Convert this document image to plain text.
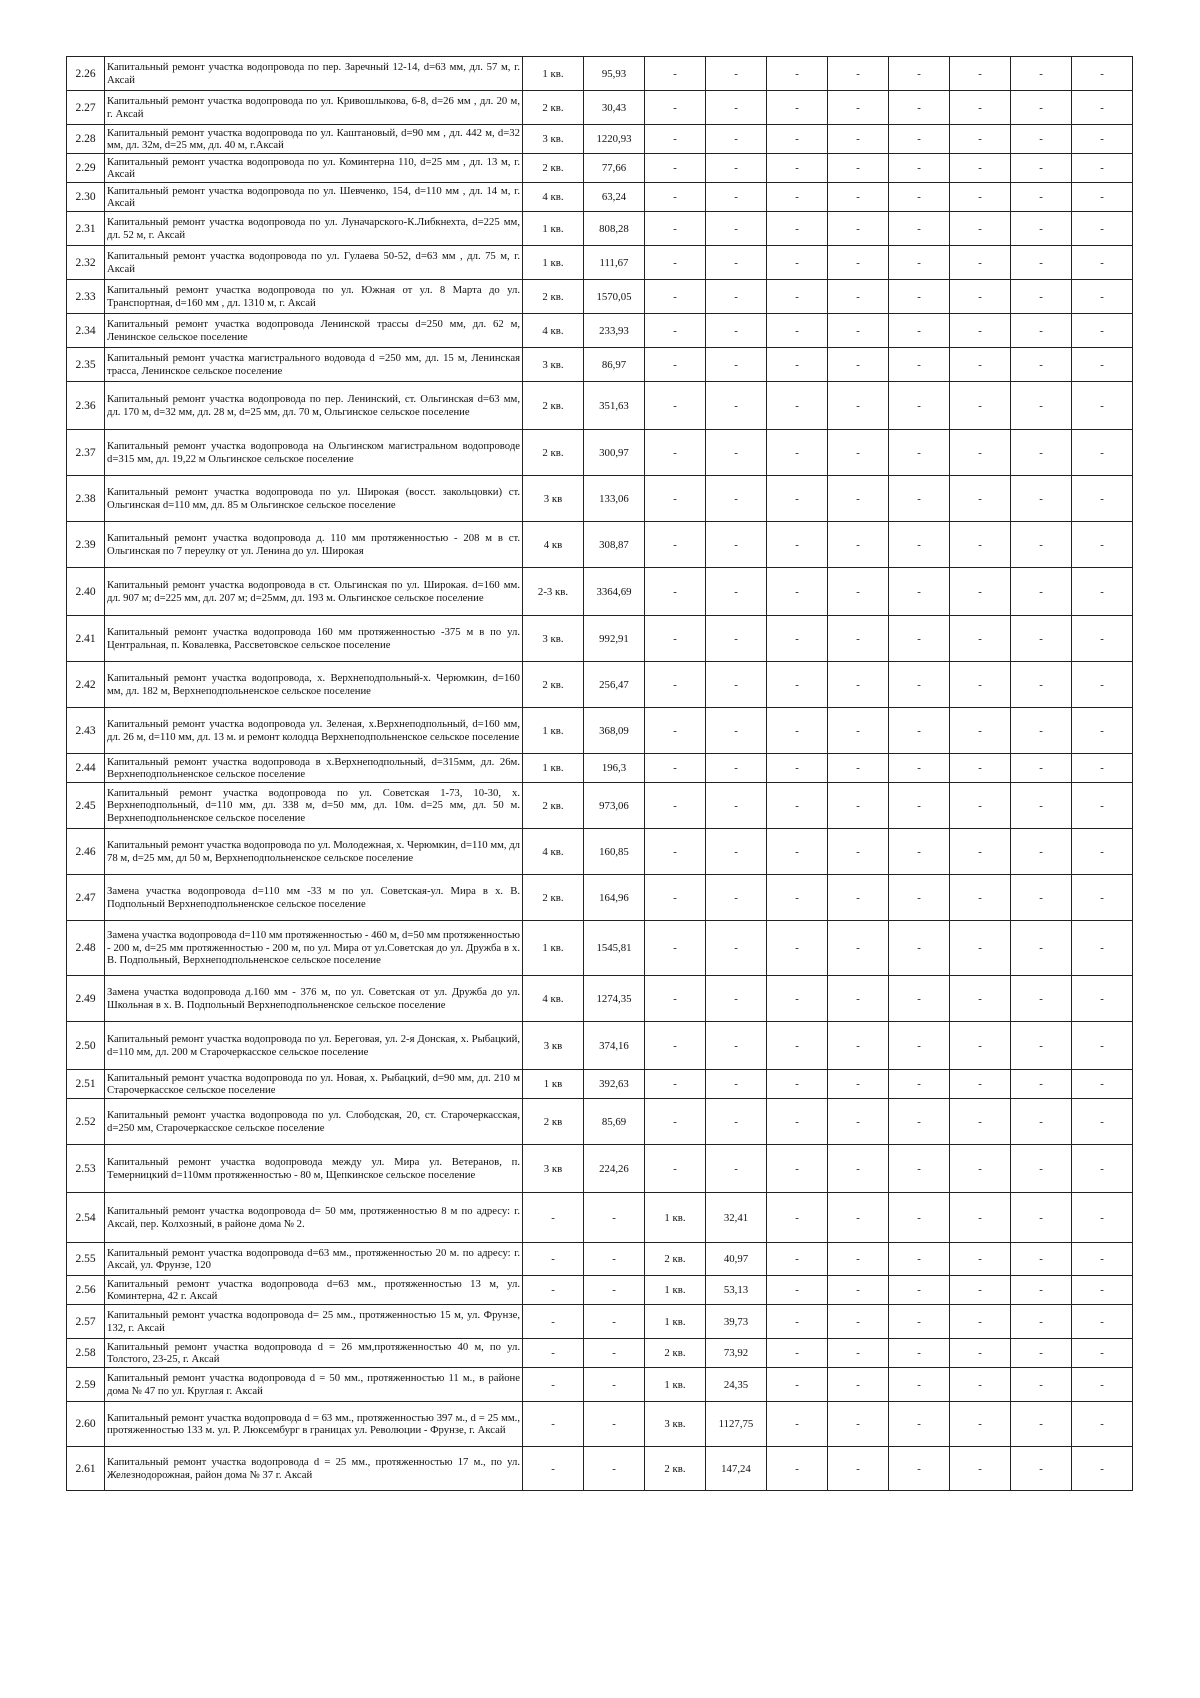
2.26	Капитальный ремонт участка водопровода по пер. Заречный 12-14, d=63 мм, дл. 57 м, г. Аксай	1 кв.	95,93	-	-	-	-	-	-	-	-
2.27	Капитальный ремонт участка водопровода по ул. Кривошлыкова, 6-8, d=26 мм , дл. 20 м, г. Аксай	2 кв.	30,43	-	-	-	-	-	-	-	-
2.28	Капитальный ремонт участка водопровода по ул. Каштановый, d=90 мм , дл. 442 м, d=32 мм, дл. 32м, d=25 мм, дл. 40 м, г.Аксай	3 кв.	1220,93	-	-	-	-	-	-	-	-
2.29	Капитальный ремонт участка водопровода по ул. Коминтерна 110, d=25 мм , дл. 13 м, г. Аксай	2 кв.	77,66	-	-	-	-	-	-	-	-
2.30	Капитальный ремонт участка водопровода по ул. Шевченко, 154, d=110 мм , дл. 14 м, г. Аксай	4 кв.	63,24	-	-	-	-	-	-	-	-
2.31	Капитальный ремонт участка водопровода по ул. Луначарского-К.Либкнехта, d=225 мм, дл. 52 м, г. Аксай	1 кв.	808,28	-	-	-	-	-	-	-	-
2.32	Капитальный ремонт участка водопровода по ул. Гулаева 50-52, d=63 мм , дл. 75 м, г. Аксай	1 кв.	111,67	-	-	-	-	-	-	-	-
2.33	Капитальный ремонт участка водопровода по ул. Южная от ул. 8 Марта до ул. Транспортная, d=160 мм , дл. 1310 м, г. Аксай	2 кв.	1570,05	-	-	-	-	-	-	-	-
2.34	Капитальный ремонт участка водопровода Ленинской трассы d=250 мм, дл. 62 м, Ленинское сельское поселение	4 кв.	233,93	-	-	-	-	-	-	-	-
2.35	Капитальный ремонт участка магистрального водовода d =250 мм, дл. 15 м, Ленинская трасса, Ленинское сельское поселение	3 кв.	86,97	-	-	-	-	-	-	-	-
2.36	Капитальный ремонт участка водопровода по пер. Ленинский, ст. Ольгинская d=63 мм, дл. 170 м, d=32 мм, дл. 28 м, d=25 мм, дл. 70 м, Ольгинское сельское поселение	2 кв.	351,63	-	-	-	-	-	-	-	-
2.37	Капитальный ремонт участка водопровода на Ольгинском магистральном водопроводе d=315 мм, дл. 19,22 м Ольгинское сельское поселение	2 кв.	300,97	-	-	-	-	-	-	-	-
2.38	Капитальный ремонт участка водопровода по ул. Широкая (восст. закольцовки) ст. Ольгинская d=110 мм, дл. 85 м Ольгинское сельское поселение	3 кв	133,06	-	-	-	-	-	-	-	-
2.39	Капитальный ремонт участка водопровода д. 110 мм протяженностью - 208 м в ст. Ольгинская по 7 переулку от ул. Ленина до ул. Широкая	4 кв	308,87	-	-	-	-	-	-	-	-
2.40	Капитальный ремонт участка водопровода в ст. Ольгинская по ул. Широкая. d=160 мм. дл. 907 м; d=225 мм, дл. 207 м; d=25мм, дл. 193 м. Ольгинское сельское поселение	2-3 кв.	3364,69	-	-	-	-	-	-	-	-
2.41	Капитальный ремонт участка водопровода 160 мм протяженностью -375 м в по ул. Центральная, п. Ковалевка, Рассветовское сельское поселение	3 кв.	992,91	-	-	-	-	-	-	-	-
2.42	Капитальный ремонт участка водопровода, х. Верхнеподпольный-х. Черюмкин, d=160 мм, дл. 182 м, Верхнеподпольненское сельское поселение	2 кв.	256,47	-	-	-	-	-	-	-	-
2.43	Капитальный ремонт участка водопровода ул. Зеленая, х.Верхнеподпольный, d=160 мм, дл. 26 м, d=110 мм, дл. 13 м. и ремонт колодца Верхнеподпольненское сельское поселение	1 кв.	368,09	-	-	-	-	-	-	-	-
2.44	Капитальный ремонт участка водопровода в х.Верхнеподпольный, d=315мм, дл. 26м. Верхнеподпольненское сельское поселение	1 кв.	196,3	-	-	-	-	-	-	-	-
2.45	Капитальный ремонт участка водопровода по ул. Советская 1-73, 10-30, х. Верхнеподпольный, d=110 мм, дл. 338 м, d=50 мм, дл. 10м. d=25 мм, дл. 50 м. Верхнеподпольненское сельское поселение	2 кв.	973,06	-	-	-	-	-	-	-	-
2.46	Капитальный ремонт участка водопровода по ул. Молодежная, х. Черюмкин, d=110 мм, дл 78 м, d=25 мм, дл 50 м, Верхнеподпольненское сельское поселение	4 кв.	160,85	-	-	-	-	-	-	-	-
2.47	Замена участка водопровода d=110 мм -33 м по ул. Советская-ул. Мира в х. В. Подпольный Верхнеподпольненское сельское поселение	2 кв.	164,96	-	-	-	-	-	-	-	-
2.48	Замена участка водопровода d=110 мм протяженностью - 460 м, d=50 мм протяженностью - 200 м, d=25 мм протяженностью - 200 м, по ул. Мира от ул.Советская до ул. Дружба в х. В. Подпольный, Верхнеподпольненское сельское поселение	1 кв.	1545,81	-	-	-	-	-	-	-	-
2.49	Замена участка водопровода д.160 мм - 376 м, по ул. Советская от ул. Дружба до ул. Школьная в х. В. Подпольный Верхнеподпольненское сельское поселение	4 кв.	1274,35	-	-	-	-	-	-	-	-
2.50	Капитальный ремонт участка водопровода по ул. Береговая, ул. 2-я Донская, х. Рыбацкий, d=110 мм, дл. 200 м Старочеркасское сельское поселение	3 кв	374,16	-	-	-	-	-	-	-	-
2.51	Капитальный ремонт участка водопровода по ул. Новая, х. Рыбацкий, d=90 мм, дл. 210 м Старочеркасское сельское поселение	1 кв	392,63	-	-	-	-	-	-	-	-
2.52	Капитальный ремонт участка водопровода по ул. Слободская, 20, ст. Старочеркасская, d=250 мм, Старочеркасское сельское поселение	2 кв	85,69	-	-	-	-	-	-	-	-
2.53	Капитальный ремонт участка водопровода между ул. Мира ул. Ветеранов, п. Темерницкий d=110мм протяженностью - 80 м, Щепкинское сельское поселение	3 кв	224,26	-	-	-	-	-	-	-	-
2.54	Капитальный ремонт участка водопровода d= 50 мм, протяженностью 8 м по адресу: г. Аксай, пер. Колхозный, в районе дома № 2.	-	-	1 кв.	32,41	-	-	-	-	-	-
2.55	Капитальный ремонт участка водопровода d=63 мм., протяженностью 20 м. по адресу: г. Аксай, ул. Фрунзе, 120	-	-	2 кв.	40,97	-	-	-	-	-	-
2.56	Капитальный ремонт участка водопровода d=63 мм., протяженностью 13 м, ул. Коминтерна, 42 г. Аксай	-	-	1 кв.	53,13	-	-	-	-	-	-
2.57	Капитальный ремонт участка водопровода d= 25 мм., протяженностью 15 м, ул. Фрунзе, 132, г. Аксай	-	-	1 кв.	39,73	-	-	-	-	-	-
2.58	Капитальный ремонт участка водопровода d = 26 мм,протяженностью 40 м, по ул. Толстого, 23-25, г. Аксай	-	-	2 кв.	73,92	-	-	-	-	-	-
2.59	Капитальный ремонт участка водопровода d = 50 мм., протяженностью 11 м., в районе дома № 47 по ул. Круглая г. Аксай	-	-	1 кв.	24,35	-	-	-	-	-	-
2.60	Капитальный ремонт участка водопровода d = 63 мм., протяженностью 397 м., d = 25 мм., протяженностью 133 м. ул. Р. Люксембург в границах ул. Революции - Фрунзе, г. Аксай	-	-	3 кв.	1127,75	-	-	-	-	-	-
2.61	Капитальный ремонт участка водопровода d = 25 мм., протяженностью 17 м., по ул. Железнодорожная, район дома № 37 г. Аксай	-	-	2 кв.	147,24	-	-	-	-	-	-
